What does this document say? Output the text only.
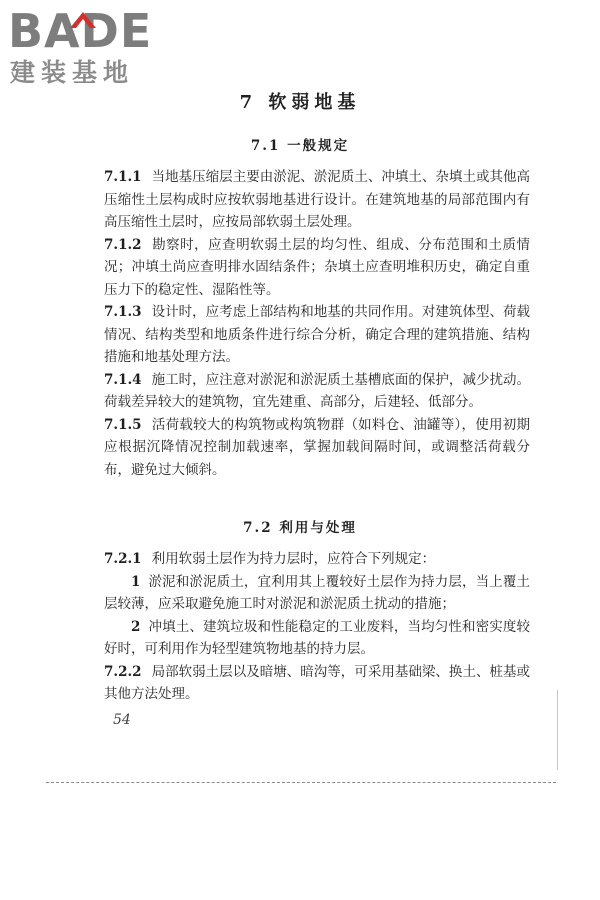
BADE
建装基地
7 软弱地基
7.1 一般规定

7.1.1 当地基压缩层主要由淤泥、淤泥质土、冲填土、杂填土或其他高压缩性土层构成时应按软弱地基进行设计。在建筑地基的局部范围内有高压缩性土层时，应按局部软弱土层处理。

7.1.2 勘察时，应查明软弱土层的均匀性、组成、分布范围和土质情况；冲填土尚应查明排水固结条件；杂填土应查明堆积历史，确定自重压力下的稳定性、湿陷性等。

7.1.3 设计时，应考虑上部结构和地基的共同作用。对建筑体型、荷载情况、结构类型和地质条件进行综合分析，确定合理的建筑措施、结构措施和地基处理方法。

7.1.4 施工时，应注意对淤泥和淤泥质土基槽底面的保护，减少扰动。荷载差异较大的建筑物，宜先建重、高部分，后建轻、低部分。

7.1.5 活荷载较大的构筑物或构筑物群（如料仓、油罐等），使用初期应根据沉降情况控制加载速率，掌握加载间隔时间，或调整活荷载分布，避免过大倾斜。

7.2 利用与处理

7.2.1 利用软弱土层作为持力层时，应符合下列规定：

1 淤泥和淤泥质土，宜利用其上覆较好土层作为持力层，当上覆土层较薄，应采取避免施工时对淤泥和淤泥质土扰动的措施；

2 冲填土、建筑垃圾和性能稳定的工业废料，当均匀性和密实度较好时，可利用作为轻型建筑物地基的持力层。

7.2.2 局部软弱土层以及暗塘、暗沟等，可采用基础梁、换土、桩基或其他方法处理。

54
